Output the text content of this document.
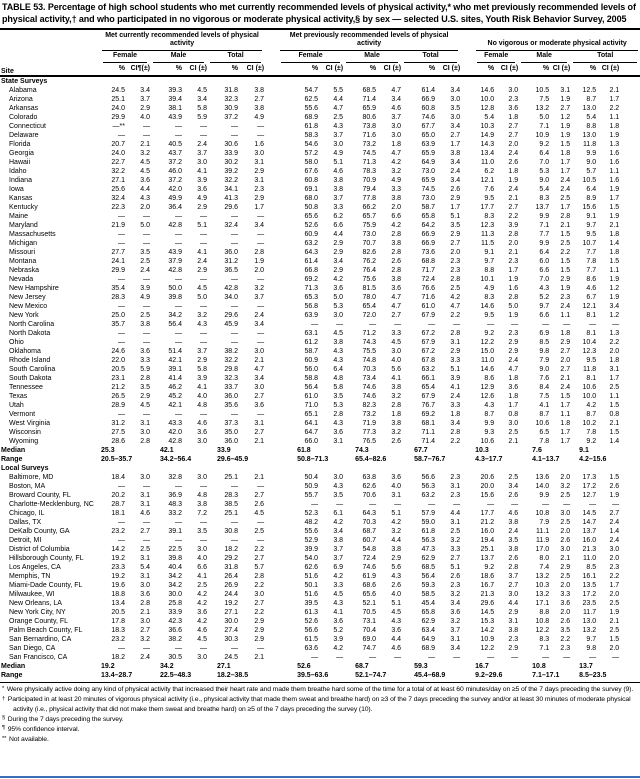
TABLE 53. Percentage of high school students who met currently recommended levels of physical activity,* who met previously recommended levels of physical activity,† and who participated in no vigorous or moderate physical activity,§ by sex — selected U.S. sites, Youth Risk Behavior Survey, 2005
Site	Met currently recommended levels of physical activity							Met previously recommended levels of physical activity							No vigorous or moderate physical activity					

	Female		Male		Total			Female		Male		Total			Female		Male		Total	

	%	CI¶(±)	%	CI (±)	%	CI (±)		%	CI (±)	%	CI (±)	%	CI (±)		%	CI (±)	%	CI (±)	%	CI (±)
State Surveys																				
Alabama	24.5	3.4	39.3	4.5	31.8	3.8		54.7	5.5	68.5	4.7	61.4	3.4		14.6	3.0	10.5	3.1	12.5	2.1
Arizona	25.1	3.7	39.4	3.4	32.3	2.7		62.5	4.4	71.4	3.4	66.9	3.0		10.0	2.3	7.5	1.9	8.7	1.7
Arkansas	24.0	2.9	38.1	5.8	30.9	3.8		55.6	4.7	65.9	4.6	60.8	3.5		12.8	3.6	13.2	2.7	13.0	2.2
Colorado	29.9	4.0	43.9	5.9	37.2	4.9		68.9	2.5	80.6	3.7	74.6	3.0		5.4	1.8	5.0	1.2	5.4	1.1
Connecticut	—**	—	—	—	—	—		61.8	4.3	73.8	3.0	67.7	3.4		10.3	2.7	7.1	1.9	8.8	1.8
Delaware	—	—	—	—	—	—		58.3	3.7	71.6	3.0	65.0	2.7		14.9	2.7	10.9	1.9	13.0	1.9
Florida	20.7	2.1	40.5	2.4	30.6	1.6		54.6	3.0	73.2	1.8	63.9	1.7		14.3	2.0	9.2	1.5	11.8	1.3
Georgia	24.0	3.2	43.7	3.7	33.9	3.0		57.2	4.9	74.5	4.7	65.9	3.8		13.4	2.4	6.4	1.8	9.9	1.6
Hawaii	22.7	4.5	37.2	3.0	30.2	3.1		58.0	5.1	71.3	4.2	64.9	3.4		11.0	2.6	7.0	1.7	9.0	1.6
Idaho	32.2	4.5	46.0	4.1	39.2	2.9		67.6	4.6	78.3	3.2	73.0	2.4		6.2	1.8	5.3	1.7	5.7	1.1
Indiana	27.1	3.6	37.2	3.9	32.2	3.1		60.8	3.8	70.9	4.9	65.9	3.4		12.1	1.9	9.0	2.4	10.5	1.6
Iowa	25.6	4.4	42.0	3.6	34.1	2.3		69.1	3.8	79.4	3.3	74.5	2.6		7.6	2.4	5.4	2.4	6.4	1.9
Kansas	32.4	4.3	49.9	4.9	41.3	2.9		68.0	3.7	77.8	3.8	73.0	2.9		9.5	2.1	8.3	2.5	8.9	1.7
Kentucky	22.3	2.0	36.4	2.9	29.6	1.7		50.8	3.3	66.2	2.0	58.7	1.7		17.7	2.7	13.7	1.7	15.6	1.5
Maine	—	—	—	—	—	—		65.6	6.2	65.7	6.6	65.8	5.1		8.3	2.2	9.9	2.8	9.1	1.9
Maryland	21.9	5.0	42.8	5.1	32.4	3.4		52.6	6.6	75.9	4.2	64.2	3.5		12.3	3.9	7.1	2.1	9.7	2.1
Massachusetts	—	—	—	—	—	—		60.9	4.4	73.0	2.8	66.9	2.9		11.3	2.8	7.7	1.5	9.5	1.8
Michigan	—	—	—	—	—	—		63.2	2.9	70.7	3.8	66.9	2.7		11.5	2.0	9.9	2.5	10.7	1.4
Missouri	27.7	3.5	43.9	4.1	36.0	2.8		64.3	2.9	82.6	2.8	73.6	2.0		9.1	2.1	6.4	2.2	7.7	1.8
Montana	24.1	2.5	37.9	2.4	31.2	1.9		61.4	3.4	76.2	2.6	68.8	2.3		9.7	2.3	6.0	1.5	7.8	1.5
Nebraska	29.9	2.4	42.8	2.9	36.5	2.0		66.8	2.9	76.4	2.8	71.7	2.3		8.8	1.7	6.6	1.5	7.7	1.1
Nevada	—	—	—	—	—	—		69.2	4.2	75.6	3.8	72.4	2.8		10.1	1.9	7.0	2.9	8.6	1.9
New Hampshire	35.4	3.9	50.0	4.5	42.8	3.2		71.3	3.6	81.5	3.6	76.6	2.5		4.9	1.6	4.3	1.9	4.6	1.2
New Jersey	28.3	4.9	39.8	5.0	34.0	3.7		65.3	5.0	78.0	4.7	71.6	4.2		8.3	2.8	5.2	2.3	6.7	1.9
New Mexico	—	—	—	—	—	—		56.8	5.3	65.4	4.7	61.0	4.7		14.6	5.0	9.7	2.4	12.1	3.4
New York	25.0	2.5	34.2	3.2	29.6	2.4		63.9	3.0	72.0	2.7	67.9	2.2		9.5	1.9	6.6	1.1	8.1	1.2
North Carolina	35.7	3.8	56.4	4.3	45.9	3.4		—	—	—	—	—	—		—	—	—	—	—	—
North Dakota	—	—	—	—	—	—		63.1	4.5	71.2	3.3	67.2	2.8		9.2	2.3	6.9	1.8	8.1	1.3
Ohio	—	—	—	—	—	—		61.2	3.8	74.3	4.5	67.9	3.1		12.2	2.9	8.5	2.9	10.4	2.2
Oklahoma	24.6	3.6	51.4	3.7	38.2	3.0		58.7	4.3	75.5	3.0	67.2	2.9		15.0	2.9	9.8	2.7	12.3	2.0
Rhode Island	22.0	3.3	42.1	2.9	32.2	2.1		60.9	4.3	74.8	4.0	67.8	3.3		11.0	2.4	7.9	2.0	9.5	1.8
South Carolina	20.5	5.9	39.1	5.8	29.8	4.7		56.0	6.4	70.3	5.6	63.2	5.1		14.6	4.7	9.0	2.7	11.8	3.1
South Dakota	23.1	2.8	41.4	3.9	32.3	3.4		58.8	4.8	73.4	4.1	66.1	3.9		8.6	1.8	7.6	2.1	8.1	1.7
Tennessee	21.2	3.5	46.2	4.1	33.7	3.0		56.4	5.8	74.6	3.8	65.4	4.1		12.9	3.6	8.4	2.4	10.6	2.5
Texas	26.5	2.9	45.2	4.0	36.0	2.7		61.0	3.5	74.6	3.2	67.9	2.4		12.6	1.8	7.5	1.5	10.0	1.1
Utah	28.9	4.5	42.1	4.8	35.6	3.6		71.0	5.3	82.3	2.8	76.7	3.3		4.3	1.7	4.1	1.7	4.2	1.5
Vermont	—	—	—	—	—	—		65.1	2.8	73.2	1.8	69.2	1.8		8.7	0.8	8.7	1.1	8.7	0.8
West Virginia	31.2	3.1	43.3	4.6	37.3	3.1		64.1	4.3	71.9	3.8	68.1	3.4		9.9	3.0	10.6	1.8	10.2	2.1
Wisconsin	27.5	3.0	42.0	3.6	35.0	2.7		64.7	3.6	77.3	3.2	71.1	2.8		9.3	2.5	6.5	1.7	7.8	1.5
Wyoming	28.6	2.8	42.8	3.0	36.0	2.1		66.0	3.1	76.5	2.6	71.4	2.2		10.6	2.1	7.8	1.7	9.2	1.4
Median	25.3		42.1		33.9			61.8		74.3		67.7			10.3		7.6		9.1	
Range	20.5–35.7		34.2–56.4		29.6–45.9			50.8–71.3		65.4–82.6		58.7–76.7			4.3–17.7		4.1–13.7		4.2–15.6	
Local Surveys																				
Baltimore, MD	18.4	3.0	32.8	3.0	25.1	2.1		50.4	3.0	63.8	3.6	56.6	2.3		20.6	2.5	13.6	2.0	17.3	1.5
Boston, MA	—	—	—	—	—	—		50.9	4.3	62.6	4.0	56.3	3.1		20.0	3.4	14.0	3.2	17.2	2.6
Broward County, FL	20.2	3.1	36.9	4.8	28.3	2.7		55.7	3.5	70.6	3.1	63.2	2.3		15.6	2.6	9.9	2.5	12.7	1.9
Charlotte-Mecklenburg, NC	28.7	3.1	48.3	3.8	38.5	2.6		—	—	—	—	—	—		—	—	—	—	—	—
Chicago, IL	18.1	4.6	33.2	7.2	25.1	4.5		52.3	6.1	64.3	5.1	57.9	4.4		17.7	4.6	10.8	3.0	14.5	2.7
Dallas, TX	—	—	—	—	—	—		48.2	4.2	70.3	4.2	59.0	3.1		21.2	3.8	7.9	2.5	14.7	2.4
DeKalb County, GA	23.2	2.7	39.1	3.5	30.8	2.5		55.6	3.4	68.7	3.2	61.8	2.5		16.0	2.4	11.1	2.0	13.7	1.4
Detroit, MI	—	—	—	—	—	—		52.9	3.8	60.7	4.4	56.3	3.2		19.4	3.5	11.9	2.6	16.0	2.4
District of Columbia	14.2	2.5	22.5	3.0	18.2	2.2		39.9	3.7	54.8	3.8	47.3	3.3		25.1	3.8	17.0	3.0	21.3	3.0
Hillsborough County, FL	19.2	3.1	39.8	4.0	29.2	2.7		54.0	3.7	72.4	2.9	62.9	2.7		13.7	2.6	8.0	2.1	11.0	2.0
Los Angeles, CA	23.3	5.4	40.4	6.6	31.8	5.7		62.6	6.9	74.6	5.6	68.5	5.1		9.2	2.8	7.4	2.9	8.5	2.3
Memphis, TN	19.2	3.1	34.2	4.1	26.4	2.8		51.6	4.2	61.9	4.3	56.4	2.6		18.6	3.7	13.2	2.5	16.1	2.2
Miami-Dade County, FL	19.6	3.0	34.2	2.5	26.9	2.2		50.1	3.3	68.6	2.6	59.3	2.3		16.7	2.7	10.3	2.0	13.5	1.7
Milwaukee, WI	18.8	3.6	30.0	4.2	24.4	3.0		51.6	4.5	65.6	4.0	58.5	3.2		21.3	3.0	13.2	3.3	17.2	2.0
New Orleans, LA	13.4	2.8	25.8	4.2	19.2	2.7		39.5	4.3	52.1	5.1	45.4	3.4		29.6	4.4	17.1	3.6	23.5	2.5
New York City, NY	20.5	2.1	33.9	3.6	27.1	2.2		61.3	4.1	70.5	4.5	65.8	3.6		14.5	2.9	8.8	2.0	11.7	1.9
Orange County, FL	17.8	3.0	42.3	4.2	30.0	2.9		52.6	3.6	73.1	4.3	62.9	3.2		15.3	3.1	10.8	2.6	13.0	2.1
Palm Beach County, FL	18.3	2.7	36.6	4.6	27.4	2.9		56.6	5.2	70.4	3.6	63.4	3.7		14.2	3.8	12.2	3.5	13.2	2.5
San Bernardino, CA	23.2	3.2	38.2	4.5	30.3	2.9		61.5	3.9	69.0	4.4	64.9	3.1		10.9	2.3	8.3	2.2	9.7	1.5
San Diego, CA	—	—	—	—	—	—		63.6	4.2	74.7	4.6	68.9	3.4		12.2	2.9	7.1	2.3	9.8	2.0
San Francisco, CA	18.2	2.4	30.5	3.0	24.5	2.1		—	—	—	—	—	—		—	—	—	—	—	—
Median	19.2		34.2		27.1			52.6		68.7		59.3			16.7		10.8		13.7	
Range	13.4–28.7		22.5–48.3		18.2–38.5			39.5–63.6		52.1–74.7		45.4–68.9			9.2–29.6		7.1–17.1		8.5–23.5	
* Were physically active doing any kind of physical activity that increased their heart rate and made them breathe hard some of the time for a total of at least 60 minutes/day on ≥5 of the 7 days preceding the survey (9).
† Participated in at least 20 minutes of vigorous physical activity (i.e., physical activity that made them sweat and breathe hard) on ≥3 of the 7 days preceding the survey and/or at least 30 minutes of moderate physical activity (i.e., physical activity that did not make them sweat and breathe hard) on ≥5 of the 7 days preceding the survey (10).
§ During the 7 days preceding the survey.
¶ 95% confidence interval.
** Not available.
